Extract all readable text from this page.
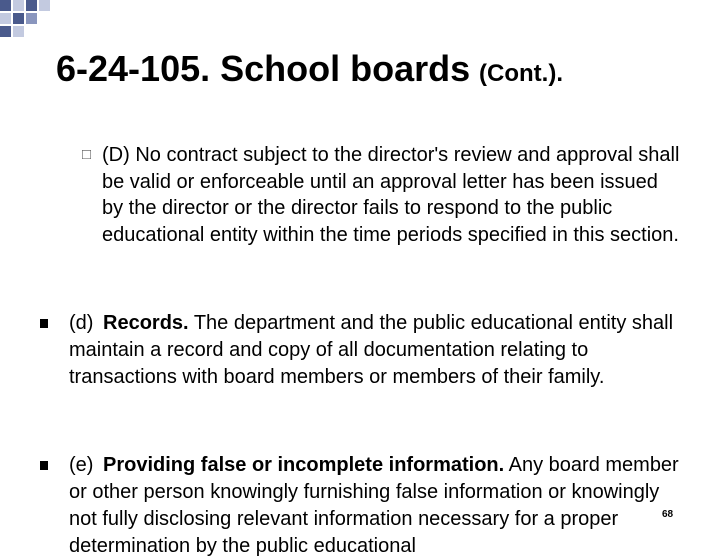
6-24-105. School boards (Cont.).
□ (D) No contract subject to the director's review and approval shall be valid or enforceable until an approval letter has been issued by the director or the director fails to respond to the public educational entity within the time periods specified in this section.
(d) Records. The department and the public educational entity shall maintain a record and copy of all documentation relating to transactions with board members or members of their family.
(e) Providing false or incomplete information. Any board member or other person knowingly furnishing false information or knowingly not fully disclosing relevant information necessary for a proper determination by the public educational
68
